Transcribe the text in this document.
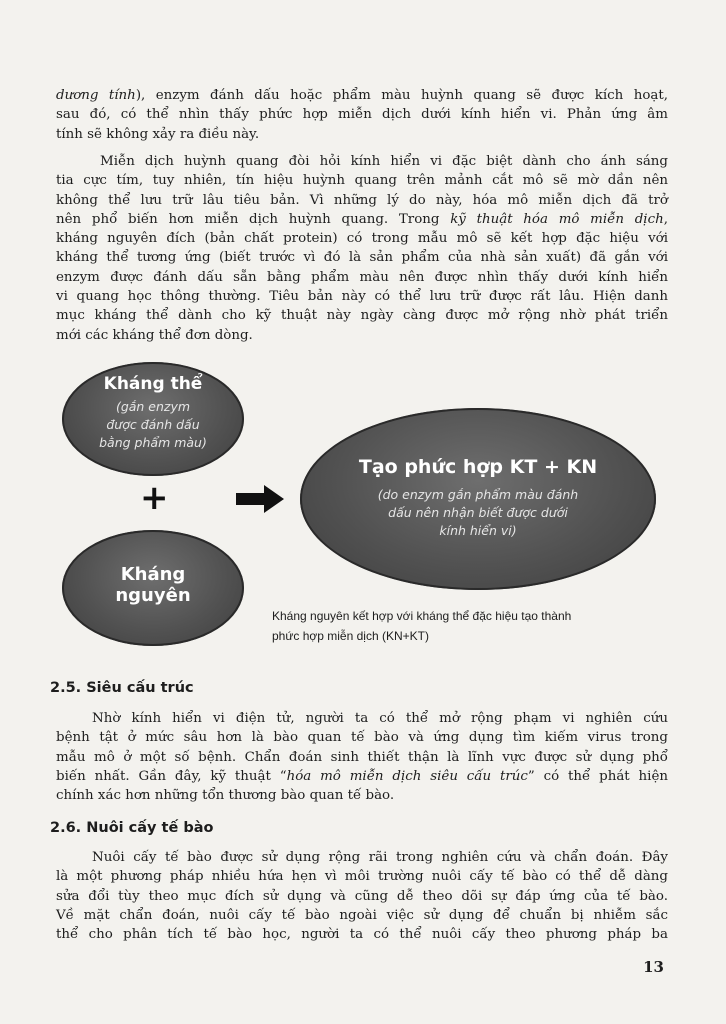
dương tính), enzym đánh dấu hoặc phẩm màu huỳnh quang sẽ được kích hoạt,
sau đó, có thể nhìn thấy phức hợp miễn dịch dưới kính hiển vi. Phản ứng âm
tính sẽ không xảy ra điều này.

Miễn dịch huỳnh quang đòi hỏi kính hiển vi đặc biệt dành cho ánh sáng
tia cực tím, tuy nhiên, tín hiệu huỳnh quang trên mảnh cắt mô sẽ mờ dần nên
không thể lưu trữ lâu tiêu bản. Vì những lý do này, hóa mô miễn dịch đã trở
nên phổ biến hơn miễn dịch huỳnh quang. Trong kỹ thuật hóa mô miễn dịch,
kháng nguyên đích (bản chất protein) có trong mẫu mô sẽ kết hợp đặc hiệu với
kháng thể tương ứng (biết trước vì đó là sản phẩm của nhà sản xuất) đã gắn với
enzym được đánh dấu sẵn bằng phẩm màu nên được nhìn thấy dưới kính hiển
vi quang học thông thường. Tiêu bản này có thể lưu trữ được rất lâu. Hiện danh
mục kháng thể dành cho kỹ thuật này ngày càng được mở rộng nhờ phát triển
mới các kháng thể đơn dòng.

Kháng thể
(gắn enzym
được đánh dấu
bằng phẩm màu)
+
Kháng
nguyên
Tạo phức hợp KT + KN
(do enzym gắn phẩm màu đánh
dấu nên nhận biết được dưới
kính hiển vi)
Kháng nguyên kết hợp với kháng thể đặc hiệu tạo thành
phức hợp miễn dịch (KN+KT)
2.5. Siêu cấu trúc

Nhờ kính hiển vi điện tử, người ta có thể mở rộng phạm vi nghiên cứu
bệnh tật ở mức sâu hơn là bào quan tế bào và ứng dụng tìm kiếm virus trong
mẫu mô ở một số bệnh. Chẩn đoán sinh thiết thận là lĩnh vực được sử dụng phổ
biến nhất. Gần đây, kỹ thuật “hóa mô miễn dịch siêu cấu trúc” có thể phát hiện
chính xác hơn những tổn thương bào quan tế bào.

2.6. Nuôi cấy tế bào

Nuôi cấy tế bào được sử dụng rộng rãi trong nghiên cứu và chẩn đoán. Đây
là một phương pháp nhiều hứa hẹn vì môi trường nuôi cấy tế bào có thể dễ dàng
sửa đổi tùy theo mục đích sử dụng và cũng dễ theo dõi sự đáp ứng của tế bào.
Về mặt chẩn đoán, nuôi cấy tế bào ngoài việc sử dụng để chuẩn bị nhiễm sắc
thể cho phân tích tế bào học, người ta có thể nuôi cấy theo phương pháp ba

13
